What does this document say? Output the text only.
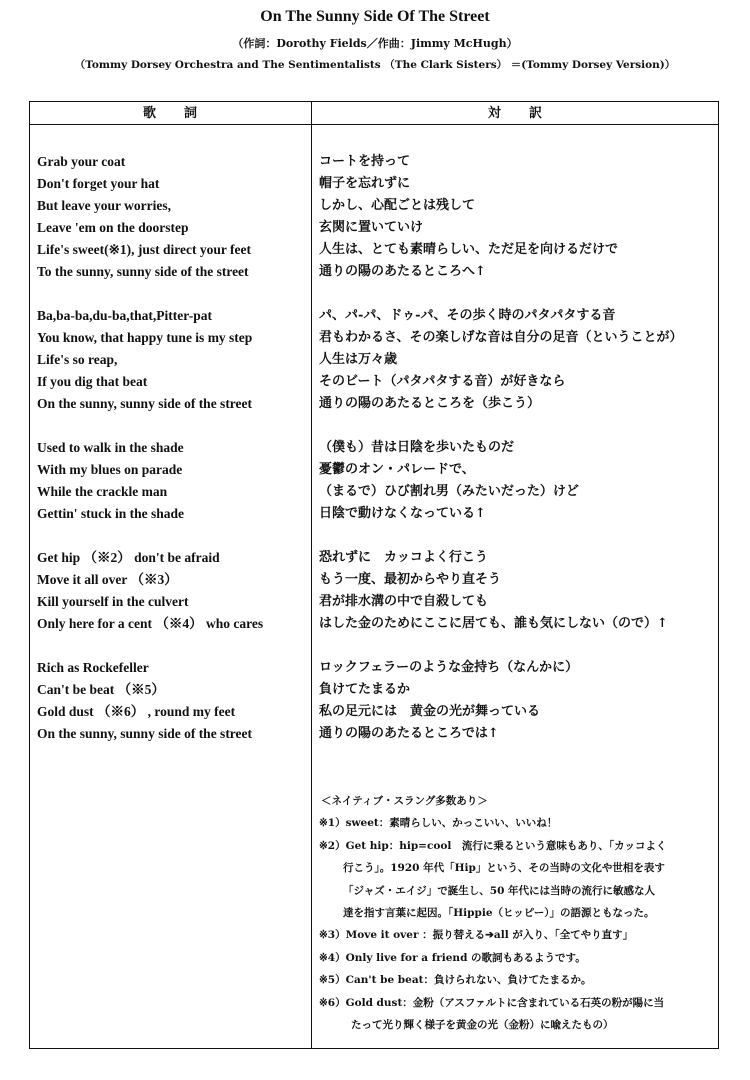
On The Sunny Side Of The Street
（作詞：Dorothy Fields／作曲：Jimmy McHugh）
（Tommy Dorsey Orchestra and The Sentimentalists （The Clark Sisters） ＝(Tommy Dorsey Version)）
歌詞	対訳
Grab your coat
Don't forget your hat
But leave your worries,
Leave 'em on the doorstep
Life's sweet(※1), just direct your feet
To the sunny, sunny side of the street
Ba,ba-ba,du-ba,that,Pitter-pat
You know, that happy tune is my step
Life's so reap,
If you dig that beat
On the sunny, sunny side of the street
Used to walk in the shade
With my blues on parade
While the crackle man
Gettin' stuck in the shade
Get hip （※2） don't be afraid
Move it all over （※3）
Kill yourself in the culvert
Only here for a cent （※4） who cares
Rich as Rockefeller
Can't be beat （※5）
Gold dust （※6） , round my feet
On the sunny, sunny side of the street
コートを持って
帽子を忘れずに
しかし、心配ごとは残して
玄関に置いていけ
人生は、とても素晴らしい、ただ足を向けるだけで
通りの陽のあたるところへ↑
パ、パ-パ、ドゥ-パ、その歩く時のパタパタする音
君もわかるさ、その楽しげな音は自分の足音（ということが）
人生は万々歳
そのビート（パタパタする音）が好きなら
通りの陽のあたるところを（歩こう）
（僕も）昔は日陰を歩いたものだ
憂鬱のオン・パレードで、
（まるで）ひび割れ男（みたいだった）けど
日陰で動けなくなっている↑
恐れずに　カッコよく行こう
もう一度、最初からやり直そう
君が排水溝の中で自殺しても
はした金のためにここに居ても、誰も気にしない（ので）↑
ロックフェラーのような金持ち（なんかに）
負けてたまるか
私の足元には　黄金の光が舞っている
通りの陽のあたるところでは↑
＜ネイティブ・スラング多数あり＞
※1）sweet：素晴らしい、かっこいい、いいね！
※2）Get hip：hip=cool　流行に乗るという意味もあり、「カッコよく
行こう」。1920 年代「Hip」という、その当時の文化や世相を表す
「ジャズ・エイジ」で誕生し、50 年代には当時の流行に敏感な人
達を指す言葉に起因。「Hippie（ヒッピー）」の語源ともなった。
※3）Move it over ：振り替える➔all が入り、「全てやり直す」
※4）Only live for a friend の歌詞もあるようです。
※5）Can't be beat：負けられない、負けてたまるか。
※6）Gold dust：金粉（アスファルトに含まれている石英の粉が陽に当
たって光り輝く様子を黄金の光（金粉）に喩えたもの）
